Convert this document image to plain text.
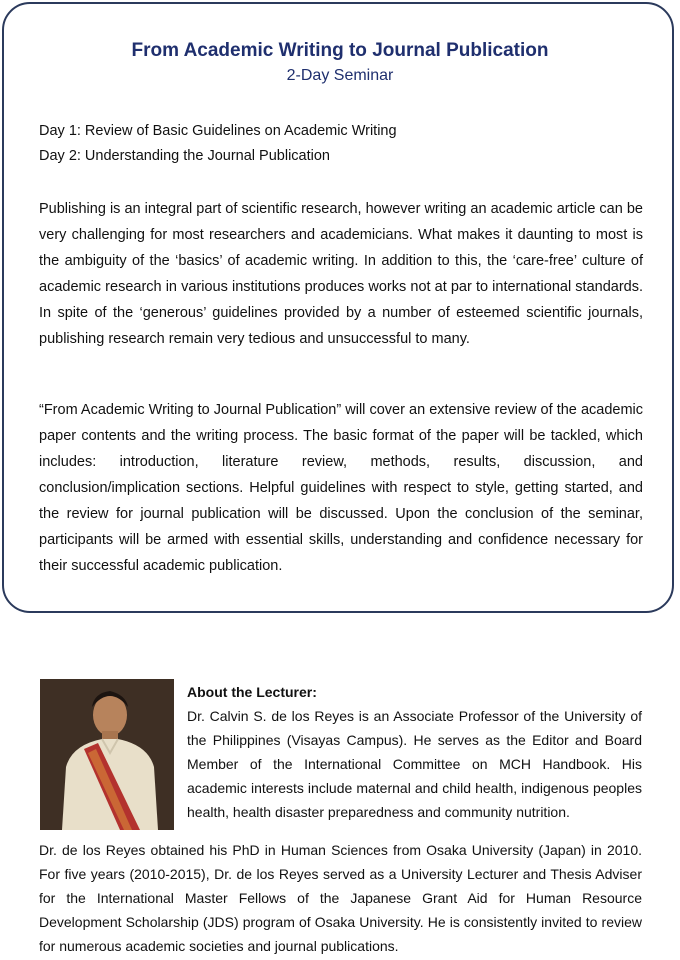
From Academic Writing to Journal Publication
2-Day Seminar
Day 1: Review of Basic Guidelines on Academic Writing
Day 2: Understanding the Journal Publication

Publishing is an integral part of scientific research, however writing an academic article can be very challenging for most researchers and academicians. What makes it daunting to most is the ambiguity of the ‘basics’ of academic writing. In addition to this, the ‘care-free’ culture of academic research in various institutions produces works not at par to international standards. In spite of the ‘generous’ guidelines provided by a number of esteemed scientific journals, publishing research remain very tedious and unsuccessful to many.

“From Academic Writing to Journal Publication” will cover an extensive review of the academic paper contents and the writing process. The basic format of the paper will be tackled, which includes: introduction, literature review, methods, results, discussion, and conclusion/implication sections. Helpful guidelines with respect to style, getting started, and the review for journal publication will be discussed. Upon the conclusion of the seminar, participants will be armed with essential skills, understanding and confidence necessary for their successful academic publication.

About the Lecturer:
Dr. Calvin S. de los Reyes is an Associate Professor of the University of the Philippines (Visayas Campus). He serves as the Editor and Board Member of the International Committee on MCH Handbook. His academic interests include maternal and child health, indigenous peoples health, health disaster preparedness and community nutrition.
Dr. de los Reyes obtained his PhD in Human Sciences from Osaka University (Japan) in 2010. For five years (2010-2015), Dr. de los Reyes served as a University Lecturer and Thesis Adviser for the International Master Fellows of the Japanese Grant Aid for Human Resource Development Scholarship (JDS) program of Osaka University. He is consistently invited to review for numerous academic societies and journal publications.
